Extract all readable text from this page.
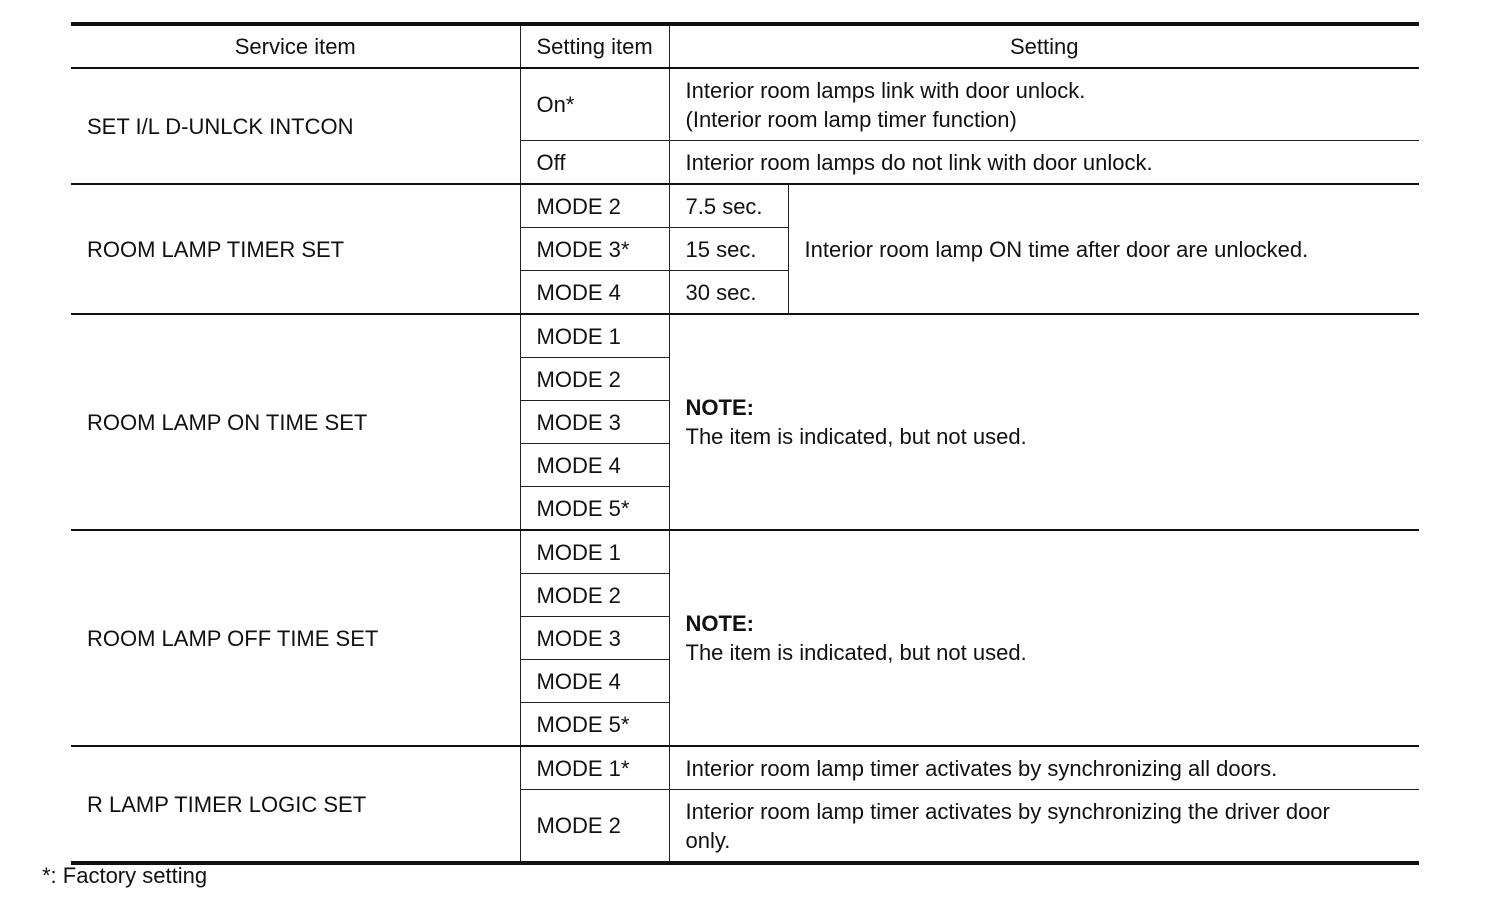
Service item	Setting item	Setting	
SET I/L D-UNLCK INTCON	On*	Interior room lamps link with door unlock.
(Interior room lamp timer function)	

	Off	Interior room lamps do not link with door unlock.	
ROOM LAMP TIMER SET	MODE 2	7.5 sec.	Interior room lamp ON time after door are unlocked.
	MODE 3*	15 sec.	
	MODE 4	30 sec.	
ROOM LAMP ON TIME SET	MODE 1	NOTE:
The item is indicated, but not used.	

	MODE 2		
	MODE 3		
	MODE 4		
	MODE 5*		
ROOM LAMP OFF TIME SET	MODE 1	NOTE:
The item is indicated, but not used.	

	MODE 2		
	MODE 3		
	MODE 4		
	MODE 5*		
R LAMP TIMER LOGIC SET	MODE 1*	Interior room lamp timer activates by synchronizing all doors.	
	MODE 2	Interior room lamp timer activates by synchronizing the driver door
only.	
*: Factory setting
